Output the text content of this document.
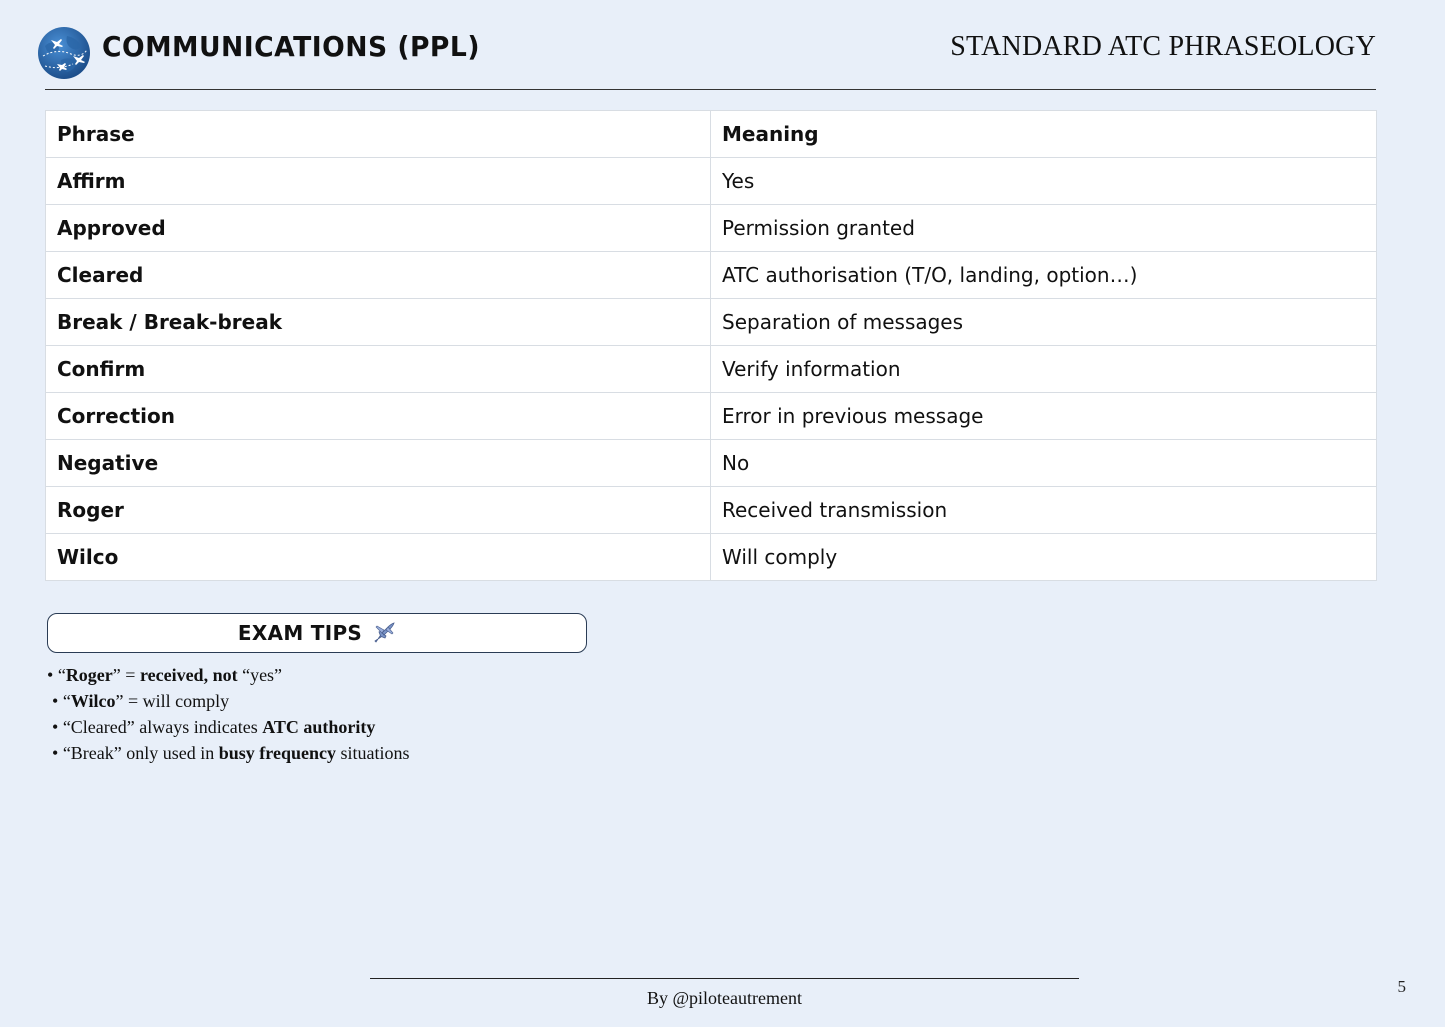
COMMUNICATIONS (PPL)	STANDARD ATC PHRASEOLOGY
Phrase	Meaning
Affirm	Yes
Approved	Permission granted
Cleared	ATC authorisation (T/O, landing, option…)
Break / Break-break	Separation of messages
Confirm	Verify information
Correction	Error in previous message
Negative	No
Roger	Received transmission
Wilco	Will comply
EXAM TIPS
• “Roger” = received, not “yes”
• “Wilco” = will comply
• “Cleared” always indicates ATC authority
• “Break” only used in busy frequency situations
By @piloteautrement
5
